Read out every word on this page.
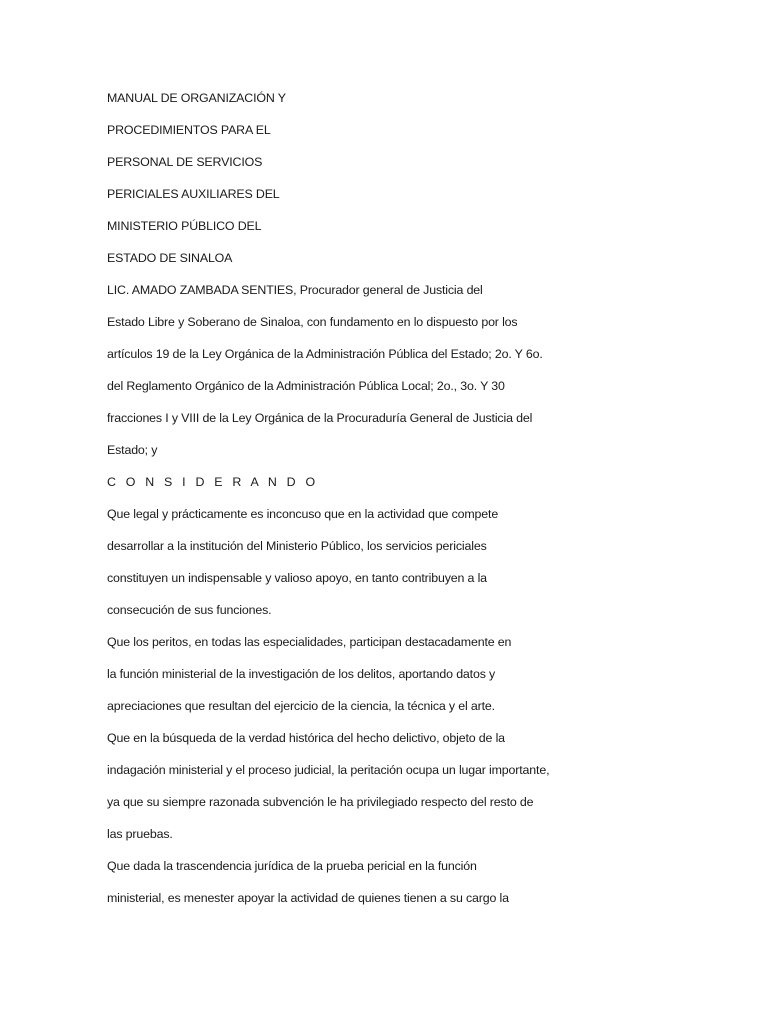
MANUAL DE ORGANIZACIÓN Y
PROCEDIMIENTOS PARA EL
PERSONAL DE SERVICIOS
PERICIALES AUXILIARES DEL
MINISTERIO PÚBLICO DEL
ESTADO DE SINALOA
LIC. AMADO ZAMBADA SENTIES, Procurador general de Justicia del
Estado Libre y Soberano de Sinaloa, con fundamento en lo dispuesto por los
artículos 19 de la Ley Orgánica de la Administración Pública del Estado; 2o. Y 6o.
del Reglamento Orgánico de la Administración Pública Local; 2o., 3o. Y 30
fracciones I y VIII de la Ley Orgánica de la Procuraduría General de Justicia del
Estado; y
C O N S I D E R A N D O
Que legal y prácticamente es inconcuso que en la actividad que compete
desarrollar a la institución del Ministerio Público, los servicios periciales
constituyen un indispensable y valioso apoyo, en tanto contribuyen a la
consecución de sus funciones.
Que los peritos, en todas las especialidades, participan destacadamente en
la función ministerial de la investigación de los delitos, aportando datos y
apreciaciones que resultan del ejercicio de la ciencia, la técnica y el arte.
Que en la búsqueda de la verdad histórica del hecho delictivo, objeto de la
indagación ministerial y el proceso judicial, la peritación ocupa un lugar importante,
ya que su siempre razonada subvención le ha privilegiado respecto del resto de
las pruebas.
Que dada la trascendencia jurídica de la prueba pericial en la función
ministerial, es menester apoyar la actividad de quienes tienen a su cargo la
